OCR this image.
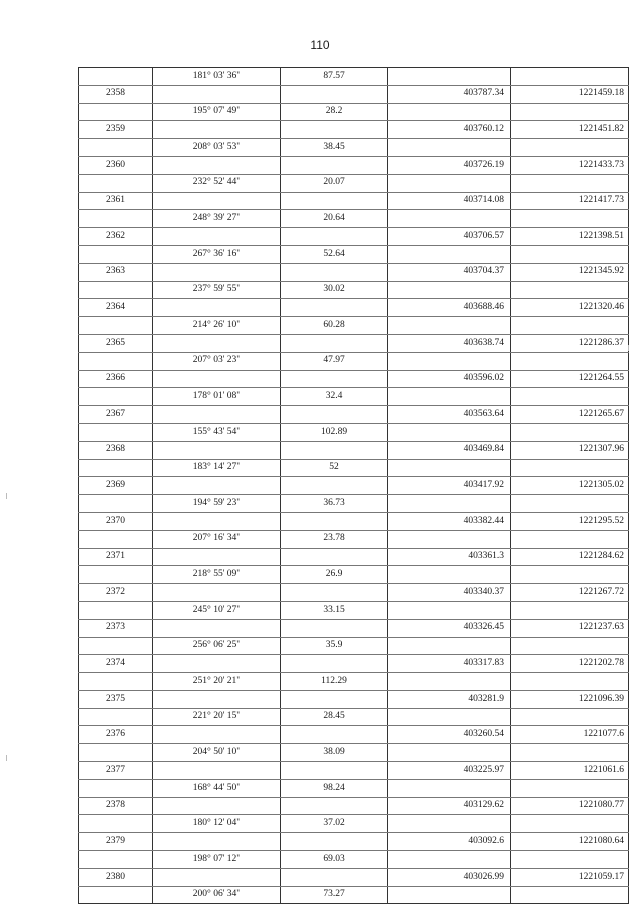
110
	181° 03' 36"	87.57		
2358			403787.34	1221459.18
	195° 07' 49"	28.2		
2359			403760.12	1221451.82
	208° 03' 53"	38.45		
2360			403726.19	1221433.73
	232° 52' 44"	20.07		
2361			403714.08	1221417.73
	248° 39' 27"	20.64		
2362			403706.57	1221398.51
	267° 36' 16"	52.64		
2363			403704.37	1221345.92
	237° 59' 55"	30.02		
2364			403688.46	1221320.46
	214° 26' 10"	60.28		
2365			403638.74	1221286.37
	207° 03' 23"	47.97		
2366			403596.02	1221264.55
	178° 01' 08"	32.4		
2367			403563.64	1221265.67
	155° 43' 54"	102.89		
2368			403469.84	1221307.96
	183° 14' 27"	52		
2369			403417.92	1221305.02
	194° 59' 23"	36.73		
2370			403382.44	1221295.52
	207° 16' 34"	23.78		
2371			403361.3	1221284.62
	218° 55' 09"	26.9		
2372			403340.37	1221267.72
	245° 10' 27"	33.15		
2373			403326.45	1221237.63
	256° 06' 25"	35.9		
2374			403317.83	1221202.78
	251° 20' 21"	112.29		
2375			403281.9	1221096.39
	221° 20' 15"	28.45		
2376			403260.54	1221077.6
	204° 50' 10"	38.09		
2377			403225.97	1221061.6
	168° 44' 50"	98.24		
2378			403129.62	1221080.77
	180° 12' 04"	37.02		
2379			403092.6	1221080.64
	198° 07' 12"	69.03		
2380			403026.99	1221059.17
	200° 06' 34"	73.27		
